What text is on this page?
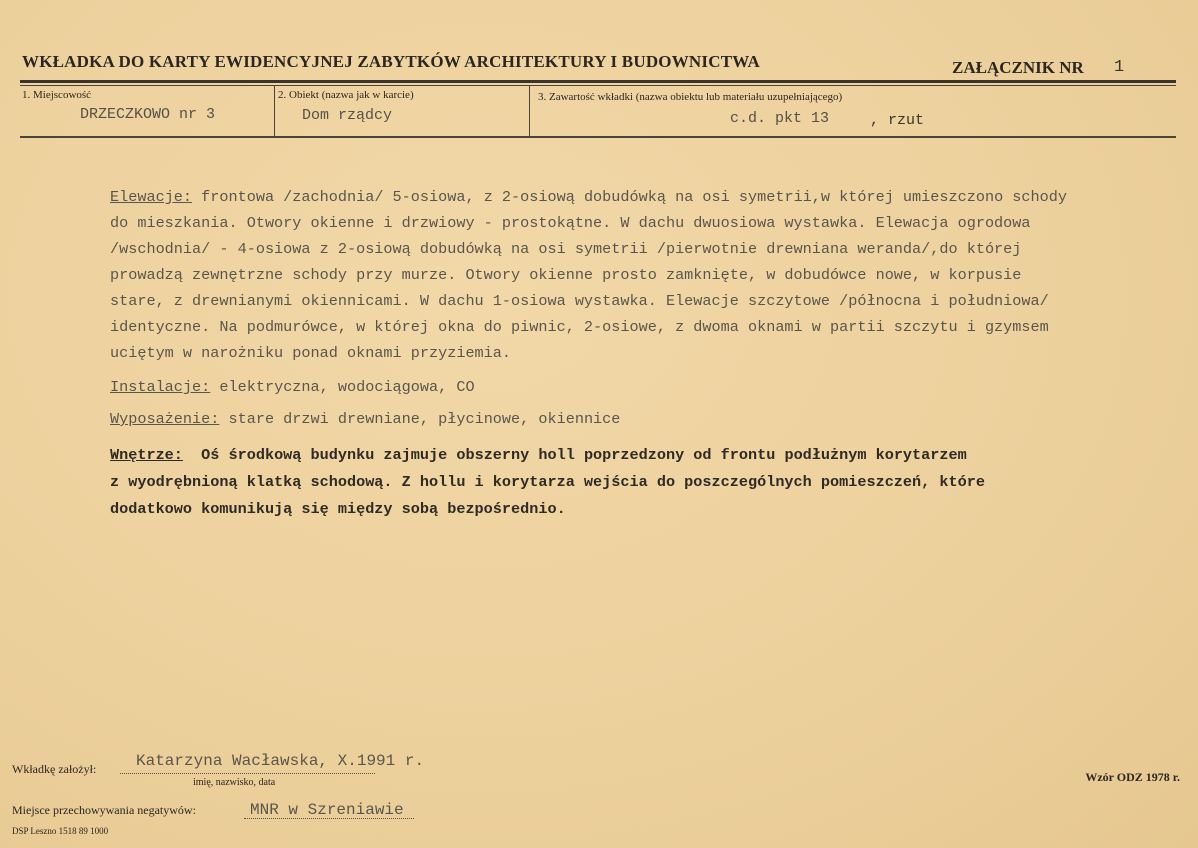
WKŁADKA DO KARTY EWIDENCYJNEJ ZABYTKÓW ARCHITEKTURY I BUDOWNICTWA	ZAŁĄCZNIK NR 1
1. Miejscowość
DRZECZKOWO nr 3
2. Obiekt (nazwa jak w karcie)
Dom rządcy
3. Zawartość wkładki (nazwa obiektu lub materiału uzupełniającego)
c.d. pkt 13	, rzut

Elewacje: frontowa /zachodnia/ 5-osiowa, z 2-osiową dobudówką na osi symetrii,w której umieszczono schody

do mieszkania. Otwory okienne i drzwiowy - prostokątne. W dachu dwuosiowa wystawka. Elewacja ogrodowa

/wschodnia/ - 4-osiowa z 2-osiową dobudówką na osi symetrii /pierwotnie drewniana weranda/,do której

prowadzą zewnętrzne schody przy murze. Otwory okienne prosto zamknięte, w dobudówce nowe, w korpusie

stare, z drewnianymi okiennicami. W dachu 1-osiowa wystawka. Elewacje szczytowe /północna i południowa/

identyczne. Na podmurówce, w której okna do piwnic, 2-osiowe, z dwoma oknami w partii szczytu i gzymsem

uciętym w narożniku ponad oknami przyziemia.

Instalacje: elektryczna, wodociągowa, CO

Wyposażenie: stare drzwi drewniane, płycinowe, okiennice

Wnętrze: Oś środkową budynku zajmuje obszerny holl poprzedzony od frontu podłużnym korytarzem
z wyodrębnioną klatką schodową. Z hollu i korytarza wejścia do poszczególnych pomieszczeń, które
dodatkowo komunikują się między sobą bezpośrednio.
Wkładkę założył: Katarzyna Wacławska, X.1991 r.
imię, nazwisko, data	Wzór ODZ 1978 r.
Miejsce przechowywania negatywów:	MNR w Szreniawie
DSP Leszno 1518 89 1000
